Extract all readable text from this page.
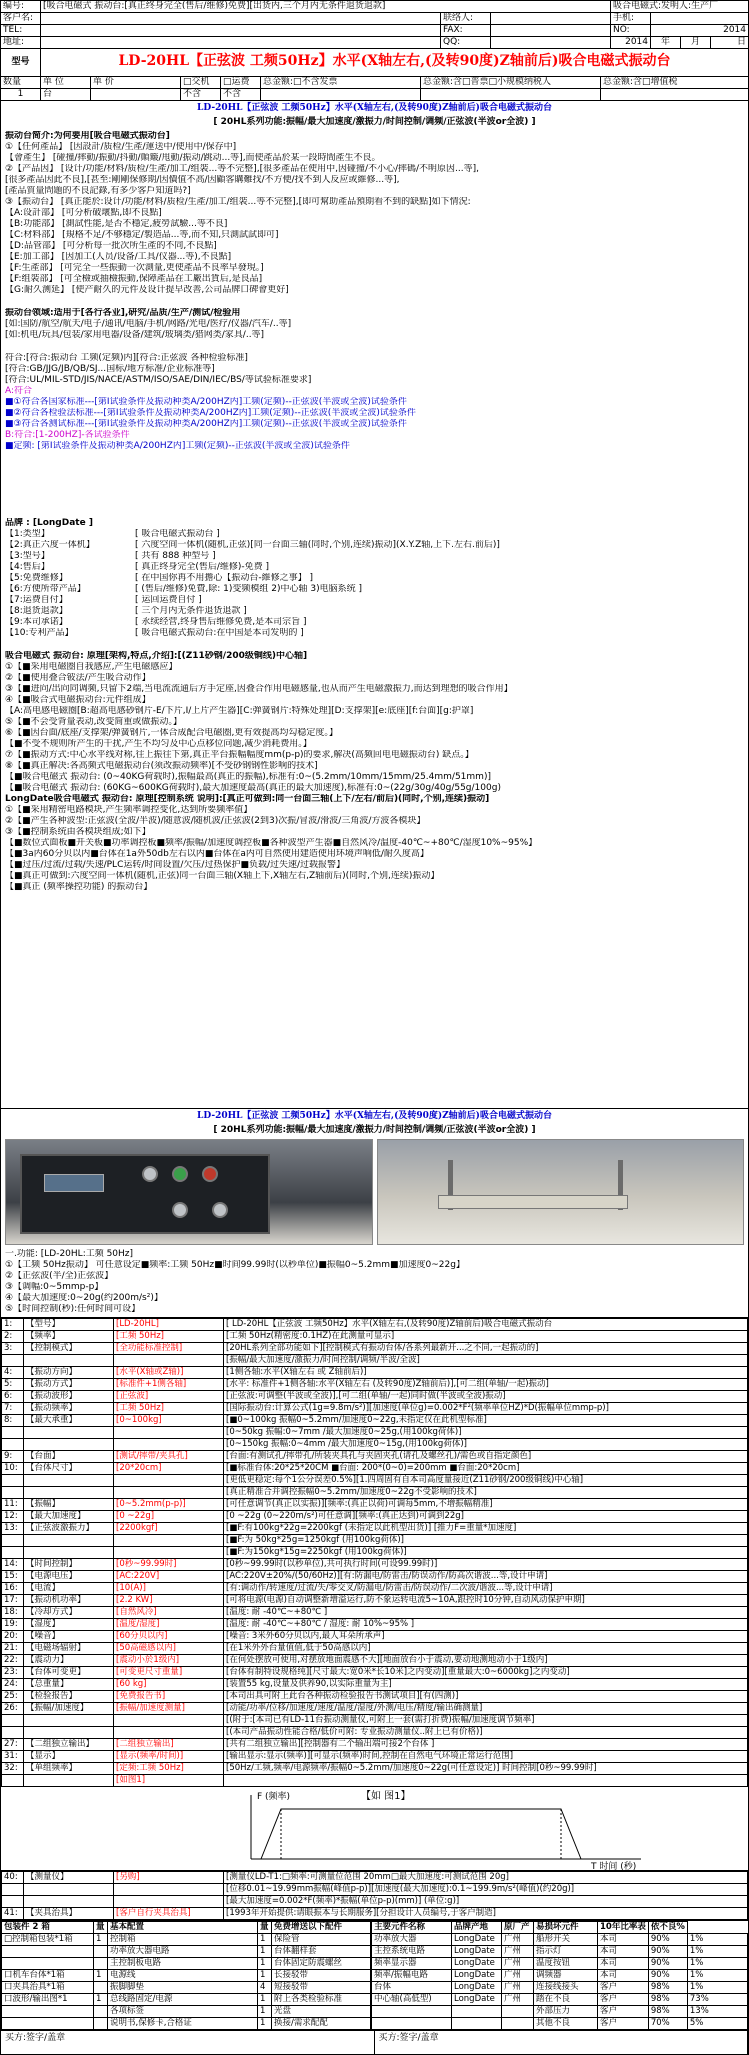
编号:	[吸合电磁式 振动台:[真正终身完全(售后/维修)免费][出货内,三个月内无条件退货退款]	吸合电磁式:发明人:生产厂
客户名:	联络人:	手机:
TEL:	FAX:	NO:	2014
地址:	QQ:	2014	年	月	日
型号	LD-20HL【正弦波 工频50Hz】水平(X轴左右,(及转90度)Z轴前后)吸合电磁式振动台
数量	单 位	单 价	□交机	□运费	总金额:□不含发票	总金额:含□普票□小规模纳税人	总金额:含□增值税
1	台	不含	不含
LD-20HL【正弦波 工频50Hz】水平(X轴左右,(及转90度)Z轴前后)吸合电磁式振动台
[ 20HL系列功能:振幅/最大加速度/激振力/时间控制/调频/正弦波(半波or全波) ]
振动台简介:为何要用[吸合电磁式振动台]
①【任何產品】 [因設計/质检/生產/運送中/使用中/保存中]
【會產生】 [碰撞/摔動/振動/抖動/顛簸/甩動/振动/跳动...等],而使產品於某一段時間產生不良。
②【产品因】 [设计/功能/材料/质检/生產/加工/组裝...等不完整],[很多產品在使用中,因碰撞/不小心/摔碼/不明原因...等],
[很多產品因此不良],[甚至:剛剛保修期/因價值不高/因顧客購難找/不方便/找不到人反应或維修...等],
[產品質量問題的不良記錄,有多少客戶知道吗?]
③【振动台】 [真正能於:设计/功能/材料/质检/生產/加工/组裝...等不完整],[即可幫助產品預期看不到的缺點]如下情況:
【A:设計部】 [可分析破壞點,即不良點]
【B:功能部】 [測試性能,是否不穩定,疲勞試驗...等不良]
【C:材料部】 [規格不足/不够穩定/製造品...等,而不知,只測試試即可]
【D:品管部】 [可分析每一批次所生產的不同,不良點]
【E:加工部】 [因加工(人员/设备/工具/仪器...等),不良點]
【F:生產部】 [可完全一些振動一次測量,更使產品不良率早發現。]
【F:组裝部】 [可全檢或抽檢振動,保障產品在工廠出貨后,是良品]
【G:耐久测延】 [使产耐久的元件及设计提早改善,公司品牌口碑會更好]
振动台领域:适用于[各行各业],研究/品质/生产/测试/检验用
[如:国防/航空/航天/电子/通讯/电脑/手机/网路/光电/医疗/仪器/汽车/..等]
[如:机电/玩具/包装/家用电器/设备/建筑/玻璃类/猎网类/家具/..等]
符合:[符合:振动台 工频(定频)内][符合:正弦波 各种检验标准]
[符合:GB/JJG/JB/QB/SJ...国标/地方标准/企业标准等]
[符合:UL/MIL-STD/JIS/NACE/ASTM/ISO/SAE/DIN/IEC/BS/等试验标准要求]
A:符合
■①符合各国家标准---[第Ⅰ试验条件及振动种类A/200HZ内]工频(定频)--正弦波(半波或全波)试验条件
■②符合各检验法标准---[第Ⅰ试验条件及振动种类A/200HZ内]工频(定频)--正弦波(半波或全波)试验条件
■③符合各测试标准---[第Ⅰ试验条件及振动种类A/200HZ内]工频(定频)--正弦波(半波或全波)试验条件
B:符合:[1-200HZ]-各试验条件
■定频: [第Ⅰ试验条件及振动种类A/200HZ内]工频(定频)--正弦波(半波或全波)试验条件
品牌 : [LongDate ]
【1:类型】	[ 吸合电磁式振动台 ]
【2:真正六度一体机】	[ 六度空间一体机(随机,正弦)[同一台面三轴(同时,个别,连续)振动](X.Y.Z轴,上下.左右.前后)]
【3:型号】	[ 共有 888 种型号 ]
【4:售后】	[ 真正终身完全(售后/维修)-免费 ]
【5:免费维修】	[ 在中国你再不用擔心【振动台-維修之事】 ]
【6:方便所带产品】	[ (售后/维修)免費,除: 1)变频模组 2)中心轴 3)电脑系统 ]
【7:运费自付】	[ 运回运费自付 ]
【8:退货退款】	[ 三个月内无条件退货退款 ]
【9:本司承诺】	[ 永续经营,终身售后维修免费,是本司宗旨 ]
【10:专利产品】	[ 吸合电磁式振动台:在中国是本司发明的 ]
吸合电磁式 振动台: 原理[架构,特点,介绍]:[(Z11砂钢/200级铜线)中心轴]
①【■采用电磁圈自我感应,产生电磁感应】
②【■使用叠合铍法/产生吸合动作】
③【■进向/出向同调频,只留下2端,当电流流通后方手定座,因叠合作用电磁感量,也从而产生电磁激振力,而达到理想的吸合作用】
④【■吸合式电磁振动台:元件组成】
【A:高电感电磁圈[B:超高电感砂钢片-E/下片,I/上片产生器][C:弹簧钢片:特殊处理][D:支撑架][e:底座][f:台面][g:护罩]
⑤【■不会受背量表动,改变简重或做振动。】
⑥【■因台面/底座/支撑架/弹簧钢片,一体合成配合电磁圈,更有效提高均勾稳定度。】
【■不受不规则所产生的干扰,产生不均匀及中心点移位问题,减少消耗费用。】
⑦【■振动方式:中心水平线对称,往上振往下第,真正平台振幅幅度mm(p-p)的要求,解决(高频回电电磁振动台) 缺点。】
⑧【■真正解决:各高频式电磁振动台(须改振动频率)[不受砂钢钢性影响的技术]
【■吸合电磁式 振动台: (0~40KG荷载时),振幅最高(真正的振幅),标准有:0~(5.2mm/10mm/15mm/25.4mm/51mm)]
【■吸合电磁式 振动台: (60KG~600KG荷载时),最大加速度最高(真正的最大加速度),标准有:0~(22g/30g/40g/55g/100g)
LongDate吸合电磁式 振动台: 原理[控制系统 说明]:[真正可做到:同一台面三轴(上下/左右/前后)(同时,个别,连续)振动]
①【■采用精密电路模块,产生频率调控变化,达到所要频率值】
②【■产生各种波型:正弦波(全波/半波)/随意波/随机波/正弦波(2到3)次振/冒波/滑波/三角波/方波各模块】
③【■控制系统由各模块组成;如下】
【■数位式面板■开关板■功率调控板■频率/振幅/加速度调控板■各种波型产生器■自然风冷/温度-40℃~+80℃/湿度10%~95%】
【■3a内60分贝以内■台体在1a外50db左右以内■台体在a内可自然使用建造使用环境声响低/耐久度高】
【■过压/过流/过载/失速/PLC运转/时间设置/欠压/过热保护■负载/过失速/过载报警】
【■真正可做到:六度空间一体机(随机,正弦)同一台面三轴(X轴上下,X轴左右,Z轴前后)(同时,个别,连续)振动】
【■真正 (频率操控功能) 的振动台】
LD-20HL【正弦波 工频50Hz】水平(X轴左右,(及转90度)Z轴前后)吸合电磁式振动台
[ 20HL系列功能:振幅/最大加速度/激振力/时间控制/调频/正弦波(半波or全波) ]
一.功能: [LD-20HL:工频 50Hz]
①【工频 50Hz振动】 可任意设定■频率:工频 50Hz■时间99.99时(以秒单位)■振幅0~5.2mm■加速度0~22g】
②【正弦波(半/全)正弦波】
③【调幅:0~5mmp-p】
④【最大加速度:0~20g(约200m/s²)】
⑤【时间控制(秒):任何时间可设】
1:	【型号】	[LD-20HL]	[ LD-20HL【正弦波 工频50Hz】水平(X轴左右,(及转90度)Z轴前后)吸合电磁式振动台
2:	【频率】	[工频 50Hz]	[工频 50Hz(精密度:0.1HZ)在此测量可显示]
3:	【控制模式】	[全功能标准控制]	[20HL系列全部功能如下][控制模式有振动台体/各系列最新开...之不同,一起振动的]
			[振幅/最大加速度/激振力/时间控制/调频/半波/全波]
4:	【振动方向】	[水平(X轴或Z轴)]	[1侧各轴:水平(X轴左右 或 Z轴前后)]
5:	【振动方式】	[标准件+1侧各轴]	[水平: 标准件+1侧各轴:水平(X轴左右 (及转90度)Z轴前后)],[可二组(单轴/一起)振动]
6:	【振动波形】	[正弦波]	[正弦波:可调整(半波或全波)],[可二组(单轴/一起)同时做(半波或全波)振动]
7:	【振动频率】	[工频 50Hz]	[国际振动台:计算公式(1g=9.8m/s²)][加速度(单位g)=0.002*F²(频率单位HZ)*D(振幅单位mmp-p)]
8:	【最大承重】	[0~100kg]	[■0~100kg 振幅0~5.2mm/加速度0~22g,未指定仅在此机型标准]
			[0~50kg 振幅:0~7mm /最大加速度0~25g,(用100kg荷体)]
			[0~150kg 振幅:0~4mm /最大加速度0~15g,(用100kg荷体)]
9:	【台面】	[测试/摔带/夹具孔]	[台面:有测试孔/摔带孔/所装夹具孔与夹固夹孔(请孔及螺丝孔)/需色或自指定颜色]
10:	【台体尺寸】	[20*20cm]	[■标准台体:20*25*20CM ■台面: 200*(0~0)=200mm ■台面:20*20cm]
			[更低更稳定:每个1公分误差0.5%][1.四周固有自本司高度量接近(Z11砂钢/200级铜线)中心轴]
			[真正精准合并调控振幅0~5.2mm/加速度0~22g不受影响的技术]
11:	【振幅】	[0~5.2mm(p-p)]	[可任意调节(真正以实振)][频率:(真正以荷)可调每5mm,不增振幅精准]
12:	【最大加速度】	[0 ~22g]	[0 ~22g (0~220m/s²)可任意调][频率:(真正达到)可调到22g]
13:	【正弦波激振力】	[2200kgf]	[■F:有100kg*22g=2200kgf (未指定以此机型出货)] [推力F=重量*加速度]
			[■F:为 50kg*25g=1250kgf (用100kg荷体)]
			[■F:为150kg*15g=2250kgf (用100kg荷体)]
14:	【时间控制】	[0秒~99.99时]	[0秒~99.99时(以秒单位),共可执行时间(可设99.99时)]
15:	【电源电压】	[AC:220V]	[AC:220V±20%/(50/60Hz)][有:防漏电/防雷击/防误动作/防高次谐波...等,设计申请]
16:	【电流】	[10(A)]	[有:调动作/转速度/过流/失/零交叉/防漏电/防雷击/防误动作/二次波/谐波...等,设计申请]
17:	【振动机功率】	[2.2 KW]	[可将电源(电源)自动调整新增溢运行,防不象运转电流5~10A,跟控时10分钟,自动风动保护申期]
18:	【冷却方式】	[自然风冷]	[温度: 耐 -40℃~+80℃ ]
19:	【湿度】	[温度/湿度]	[温度: 耐 -40℃~+80℃ / 湿度: 耐 10%~95% ]
20:	【噪音】	[60分贝以内]	[噪音: 3米外60分贝以内,最人耳朵所承声]
21:	【电磁场辐射】	[50高磁感以内]	[在1米外外台量值值,低于50高感以内]
22:	【震动力】	[震动小於1级内]	[在何处摆放可使用,对摆放地面震感不大][地面放台小于震动,要动地测地动小于1级内]
23:	【台体可变更】	[可变更尺寸重量]	[台体有制特设规格纯][尺寸最大:宽0米*长10米]之内变动][重量最大:0~6000kg]之内变动]
24:	【总重量】	[60 kg]	[装置55 kg,设量及供养90,以实际重量为主]
25:	【检验报告】	[免费报告书]	[本司出具可附上此台各种振动检验报告书测试项目][有(四测)]
26:	【振幅/加速度】	[振幅/加速度测量]	[动能/功率/位移/加速度/速度/温度/湿度/外测/电压/精度/输出确测量]
			[(附于:[本司已有LD-11台振动测量仪,可附上一套(需打折费)振幅/加速度调节频率]
			[(本司产品振动性能合格/低价可附: 专业振动测量仪..附上已有价格)]
27:	【二组独立输出】	[二组独立输出]	[共有二组独立输出][控制器有二个输出端可接2个台体 ]
31:	【显示】	[显示(频率/时间)]	[输出显示:显示(频率)][可显示(频率)时间,控制在自然电气环境正常运行范围]
32:	【单组频率】	[定频:工频 50Hz]	[50Hz/工频,频率/电源频率/振幅0~5.2mm/加速度0~22g(可任意设定)] 时间控制[0秒~99.99时]
		[如图1]	
F (频率)	【如 图1】
T 时间 (秒)
40:	【测量仪】	[另购]	[测量仪LD-T1:□频率:可测量位范围 20mm□最大加速度:可测试范围 20g]
			[位移0.01~19.99mm振幅(峰值p-p)][加速度(最大加速度):0.1~199.9m/s²(峰值)(约20g)]
			[最大加速度=0.002*F(频率)*振幅(单位p-p)(mm)] (单位:g)]
41:	【夹具治具】	[客户自行夹具治具]	[1993年开始提供:请眼振本与长期服务][分担设计人员编号,于客户制造]
包装件 2 箱	量	基本配置	量	免费增送以下配件
□控制箱包装*1箱	1	控制箱	1	保险管
		功率放大器电路	1	台体翻样套
		主控制板电路	1	台体固定防震螺丝
口机车台体*1箱	1	电源线	1	长接驳带
口夹具治具*1箱		振脚脚垫	4	短接驳带
口波形/输出图*1	1	总线路固定/电源	1	附上各类检验标准
		各项标签	1	光盘
		说明书,保修卡,合格证	1	换接/需求配配
主要元件名称	品牌产地	原厂产	易损坏元件	10年比率表	依不良%	
功率放大器	LongDate	广州	船形开关	本司	90%	1%
主控系统电路	LongDate	广州	指示灯	本司	90%	1%
频率显示器	LongDate	广州	温度按钮	本司	90%	1%
频率/振幅电路	LongDate	广州	调频器	本司	90%	1%
台体	LongDate	广州	连接线接头	客户	98%	1%
中心轴(高低型)	LongDate	广州	踏在不良	客户	98%	73%
			外部压力	客户	98%	13%
			其他不良	客户	70%	5%
买方:签字/盖章	买方:签字/盖章
